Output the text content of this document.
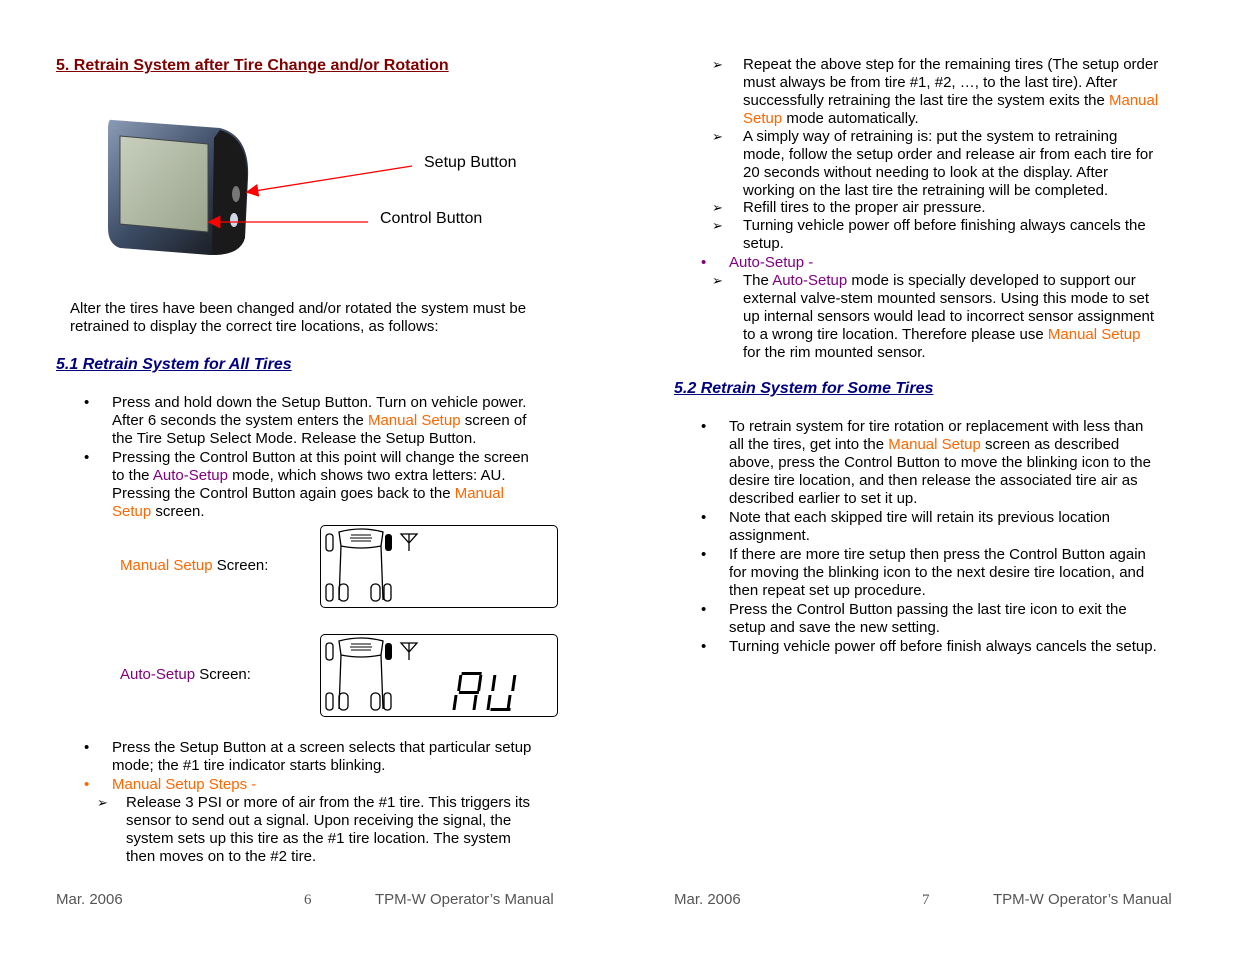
5. Retrain System after Tire Change and/or Rotation
Setup Button
Control Button
Alter the tires have been changed and/or rotated the system must be
retrained to display the correct tire locations, as follows:
5.1 Retrain System for All Tires
• Press and hold down the Setup Button. Turn on vehicle power.
After 6 seconds the system enters the Manual Setup screen of
the Tire Setup Select Mode. Release the Setup Button.
• Pressing the Control Button at this point will change the screen
to the Auto-Setup mode, which shows two extra letters: AU.
Pressing the Control Button again goes back to the Manual
Setup screen.
Manual Setup Screen:
Auto-Setup Screen:
• Press the Setup Button at a screen selects that particular setup
mode; the #1 tire indicator starts blinking.
• Manual Setup Steps -
➢ Release 3 PSI or more of air from the #1 tire. This triggers its
sensor to send out a signal. Upon receiving the signal, the
system sets up this tire as the #1 tire location. The system
then moves on to the #2 tire.
Mar. 2006	6	TPM-W Operator’s Manual
➢ Repeat the above step for the remaining tires (The setup order
must always be from tire #1, #2, …, to the last tire). After
successfully retraining the last tire the system exits the Manual
Setup mode automatically.
➢ A simply way of retraining is: put the system to retraining
mode, follow the setup order and release air from each tire for
20 seconds without needing to look at the display. After
working on the last tire the retraining will be completed.
➢ Refill tires to the proper air pressure.
➢ Turning vehicle power off before finishing always cancels the
setup.
• Auto-Setup -
➢ The Auto-Setup mode is specially developed to support our
external valve-stem mounted sensors. Using this mode to set
up internal sensors would lead to incorrect sensor assignment
to a wrong tire location. Therefore please use Manual Setup
for the rim mounted sensor.
5.2 Retrain System for Some Tires
• To retrain system for tire rotation or replacement with less than
all the tires, get into the Manual Setup screen as described
above, press the Control Button to move the blinking icon to the
desire tire location, and then release the associated tire air as
described earlier to set it up.
• Note that each skipped tire will retain its previous location
assignment.
• If there are more tire setup then press the Control Button again
for moving the blinking icon to the next desire tire location, and
then repeat set up procedure.
• Press the Control Button passing the last tire icon to exit the
setup and save the new setting.
• Turning vehicle power off before finish always cancels the setup.
Mar. 2006	7	TPM-W Operator’s Manual
